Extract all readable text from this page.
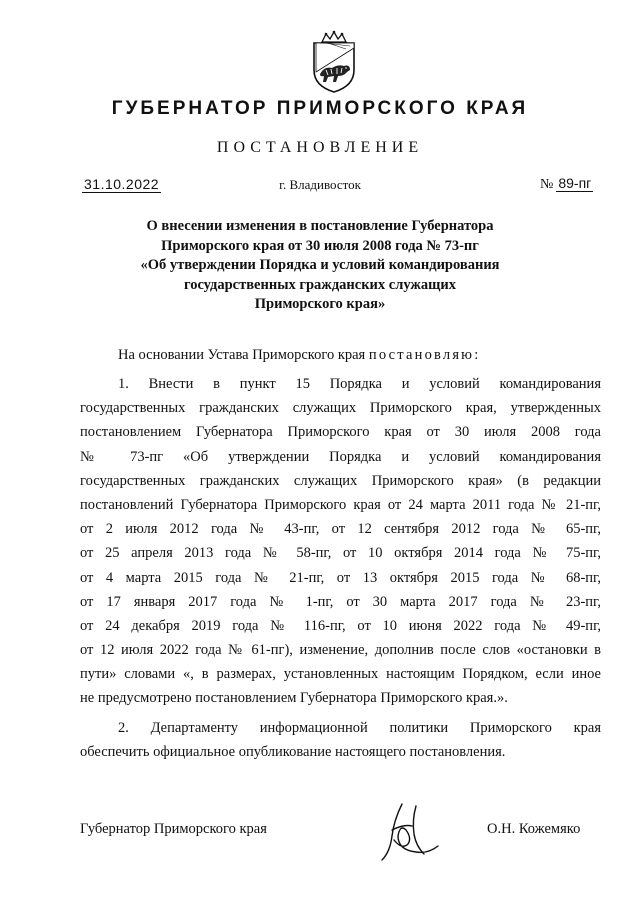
ГУБЕРНАТОР ПРИМОРСКОГО КРАЯ
ПОСТАНОВЛЕНИЕ
31.10.2022	г. Владивосток	№ 89-пг
О внесении изменения в постановление Губернатора
Приморского края от 30 июля 2008 года № 73-пг
«Об утверждении Порядка и условий командирования
государственных гражданских служащих
Приморского края»
На основании Устава Приморского края постановляю:
1. Внести в пункт 15 Порядка и условий командирования
государственных гражданских служащих Приморского края, утвержденных
постановлением Губернатора Приморского края от 30 июля 2008 года
№ 73-пг «Об утверждении Порядка и условий командирования
государственных гражданских служащих Приморского края» (в редакции
постановлений Губернатора Приморского края от 24 марта 2011 года № 21-пг,
от 2 июля 2012 года № 43-пг, от 12 сентября 2012 года № 65-пг,
от 25 апреля 2013 года № 58-пг, от 10 октября 2014 года № 75-пг,
от 4 марта 2015 года № 21-пг, от 13 октября 2015 года № 68-пг,
от 17 января 2017 года № 1-пг, от 30 марта 2017 года № 23-пг,
от 24 декабря 2019 года № 116-пг, от 10 июня 2022 года № 49-пг,
от 12 июля 2022 года № 61-пг), изменение, дополнив после слов «остановки в
пути» словами «, в размерах, установленных настоящим Порядком, если иное
не предусмотрено постановлением Губернатора Приморского края.».
2. Департаменту информационной политики Приморского края
обеспечить официальное опубликование настоящего постановления.
Губернатор Приморского края	О.Н. Кожемяко
